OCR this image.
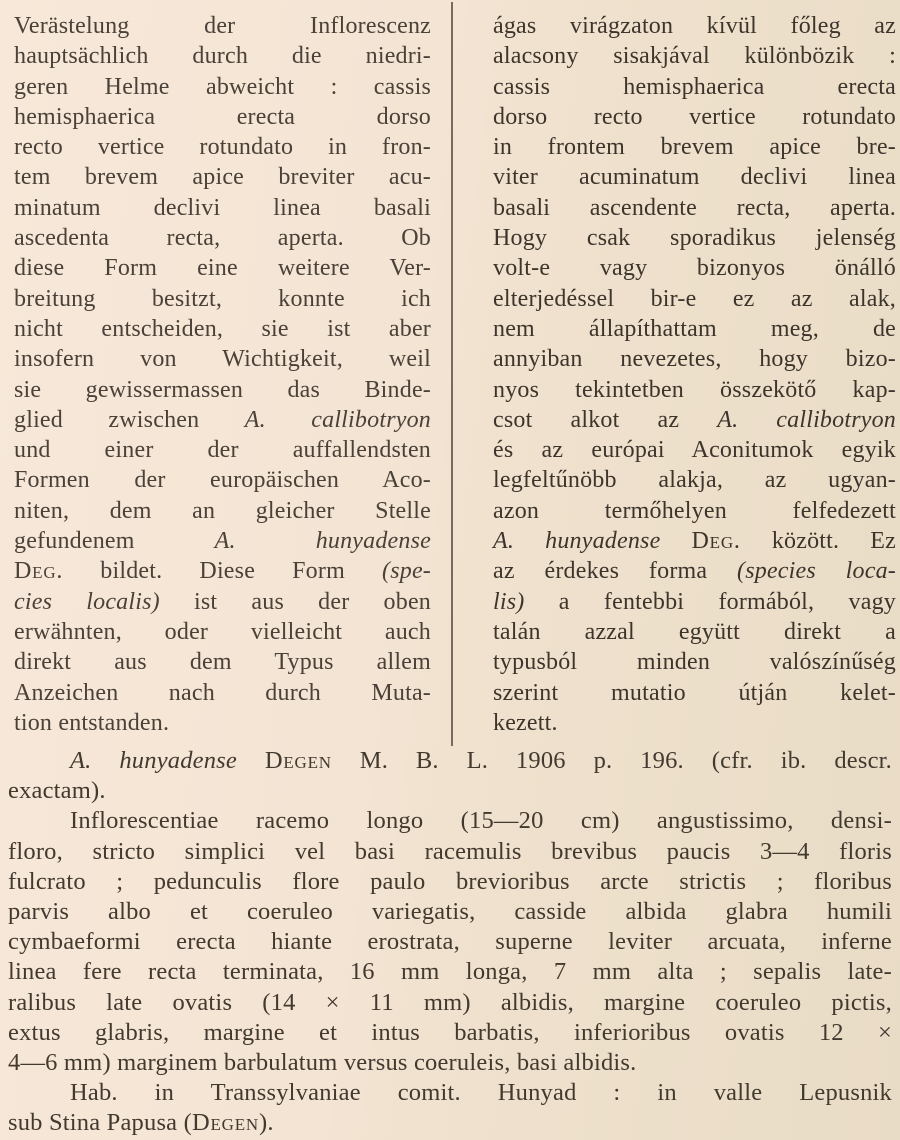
Verästelung der Inflorescenz
hauptsächlich durch die niedri-
geren Helme abweicht : cassis
hemisphaerica erecta dorso
recto vertice rotundato in fron-
tem brevem apice breviter acu-
minatum declivi linea basali
ascedenta recta, aperta. Ob
diese Form eine weitere Ver-
breitung besitzt, konnte ich
nicht entscheiden, sie ist aber
insofern von Wichtigkeit, weil
sie gewissermassen das Binde-
glied zwischen A. callibotryon
und einer der auffallendsten
Formen der europäischen Aco-
niten, dem an gleicher Stelle
gefundenem A. hunyadense
Deg. bildet. Diese Form (spe-
cies localis) ist aus der oben
erwähnten, oder vielleicht auch
direkt aus dem Typus allem
Anzeichen nach durch Muta-
tion entstanden.
ágas virágzaton kívül főleg az
alacsony sisakjával különbözik :
cassis hemisphaerica erecta
dorso recto vertice rotundato
in frontem brevem apice bre-
viter acuminatum declivi linea
basali ascendente recta, aperta.
Hogy csak sporadikus jelenség
volt-e vagy bizonyos önálló
elterjedéssel bir-e ez az alak,
nem állapíthattam meg, de
annyiban nevezetes, hogy bizo-
nyos tekintetben összekötő kap-
csot alkot az A. callibotryon
és az európai Aconitumok egyik
legfeltűnöbb alakja, az ugyan-
azon termőhelyen felfedezett
A. hunyadense Deg. között. Ez
az érdekes forma (species loca-
lis) a fentebbi formából, vagy
talán azzal együtt direkt a
typusból minden valószínűség
szerint mutatio útján kelet-
kezett.
A. hunyadense Degen M. B. L. 1906 p. 196. (cfr. ib. descr.
exactam).
Inflorescentiae racemo longo (15—20 cm) angustissimo, densi-
floro, stricto simplici vel basi racemulis brevibus paucis 3—4 floris
fulcrato ; pedunculis flore paulo brevioribus arcte strictis ; floribus
parvis albo et coeruleo variegatis, casside albida glabra humili
cymbaeformi erecta hiante erostrata, superne leviter arcuata, inferne
linea fere recta terminata, 16 mm longa, 7 mm alta ; sepalis late-
ralibus late ovatis (14 × 11 mm) albidis, margine coeruleo pictis,
extus glabris, margine et intus barbatis, inferioribus ovatis 12 ×
4—6 mm) marginem barbulatum versus coeruleis, basi albidis.
Hab. in Transsylvaniae comit. Hunyad : in valle Lepusnik
sub Stina Papusa (Degen).
